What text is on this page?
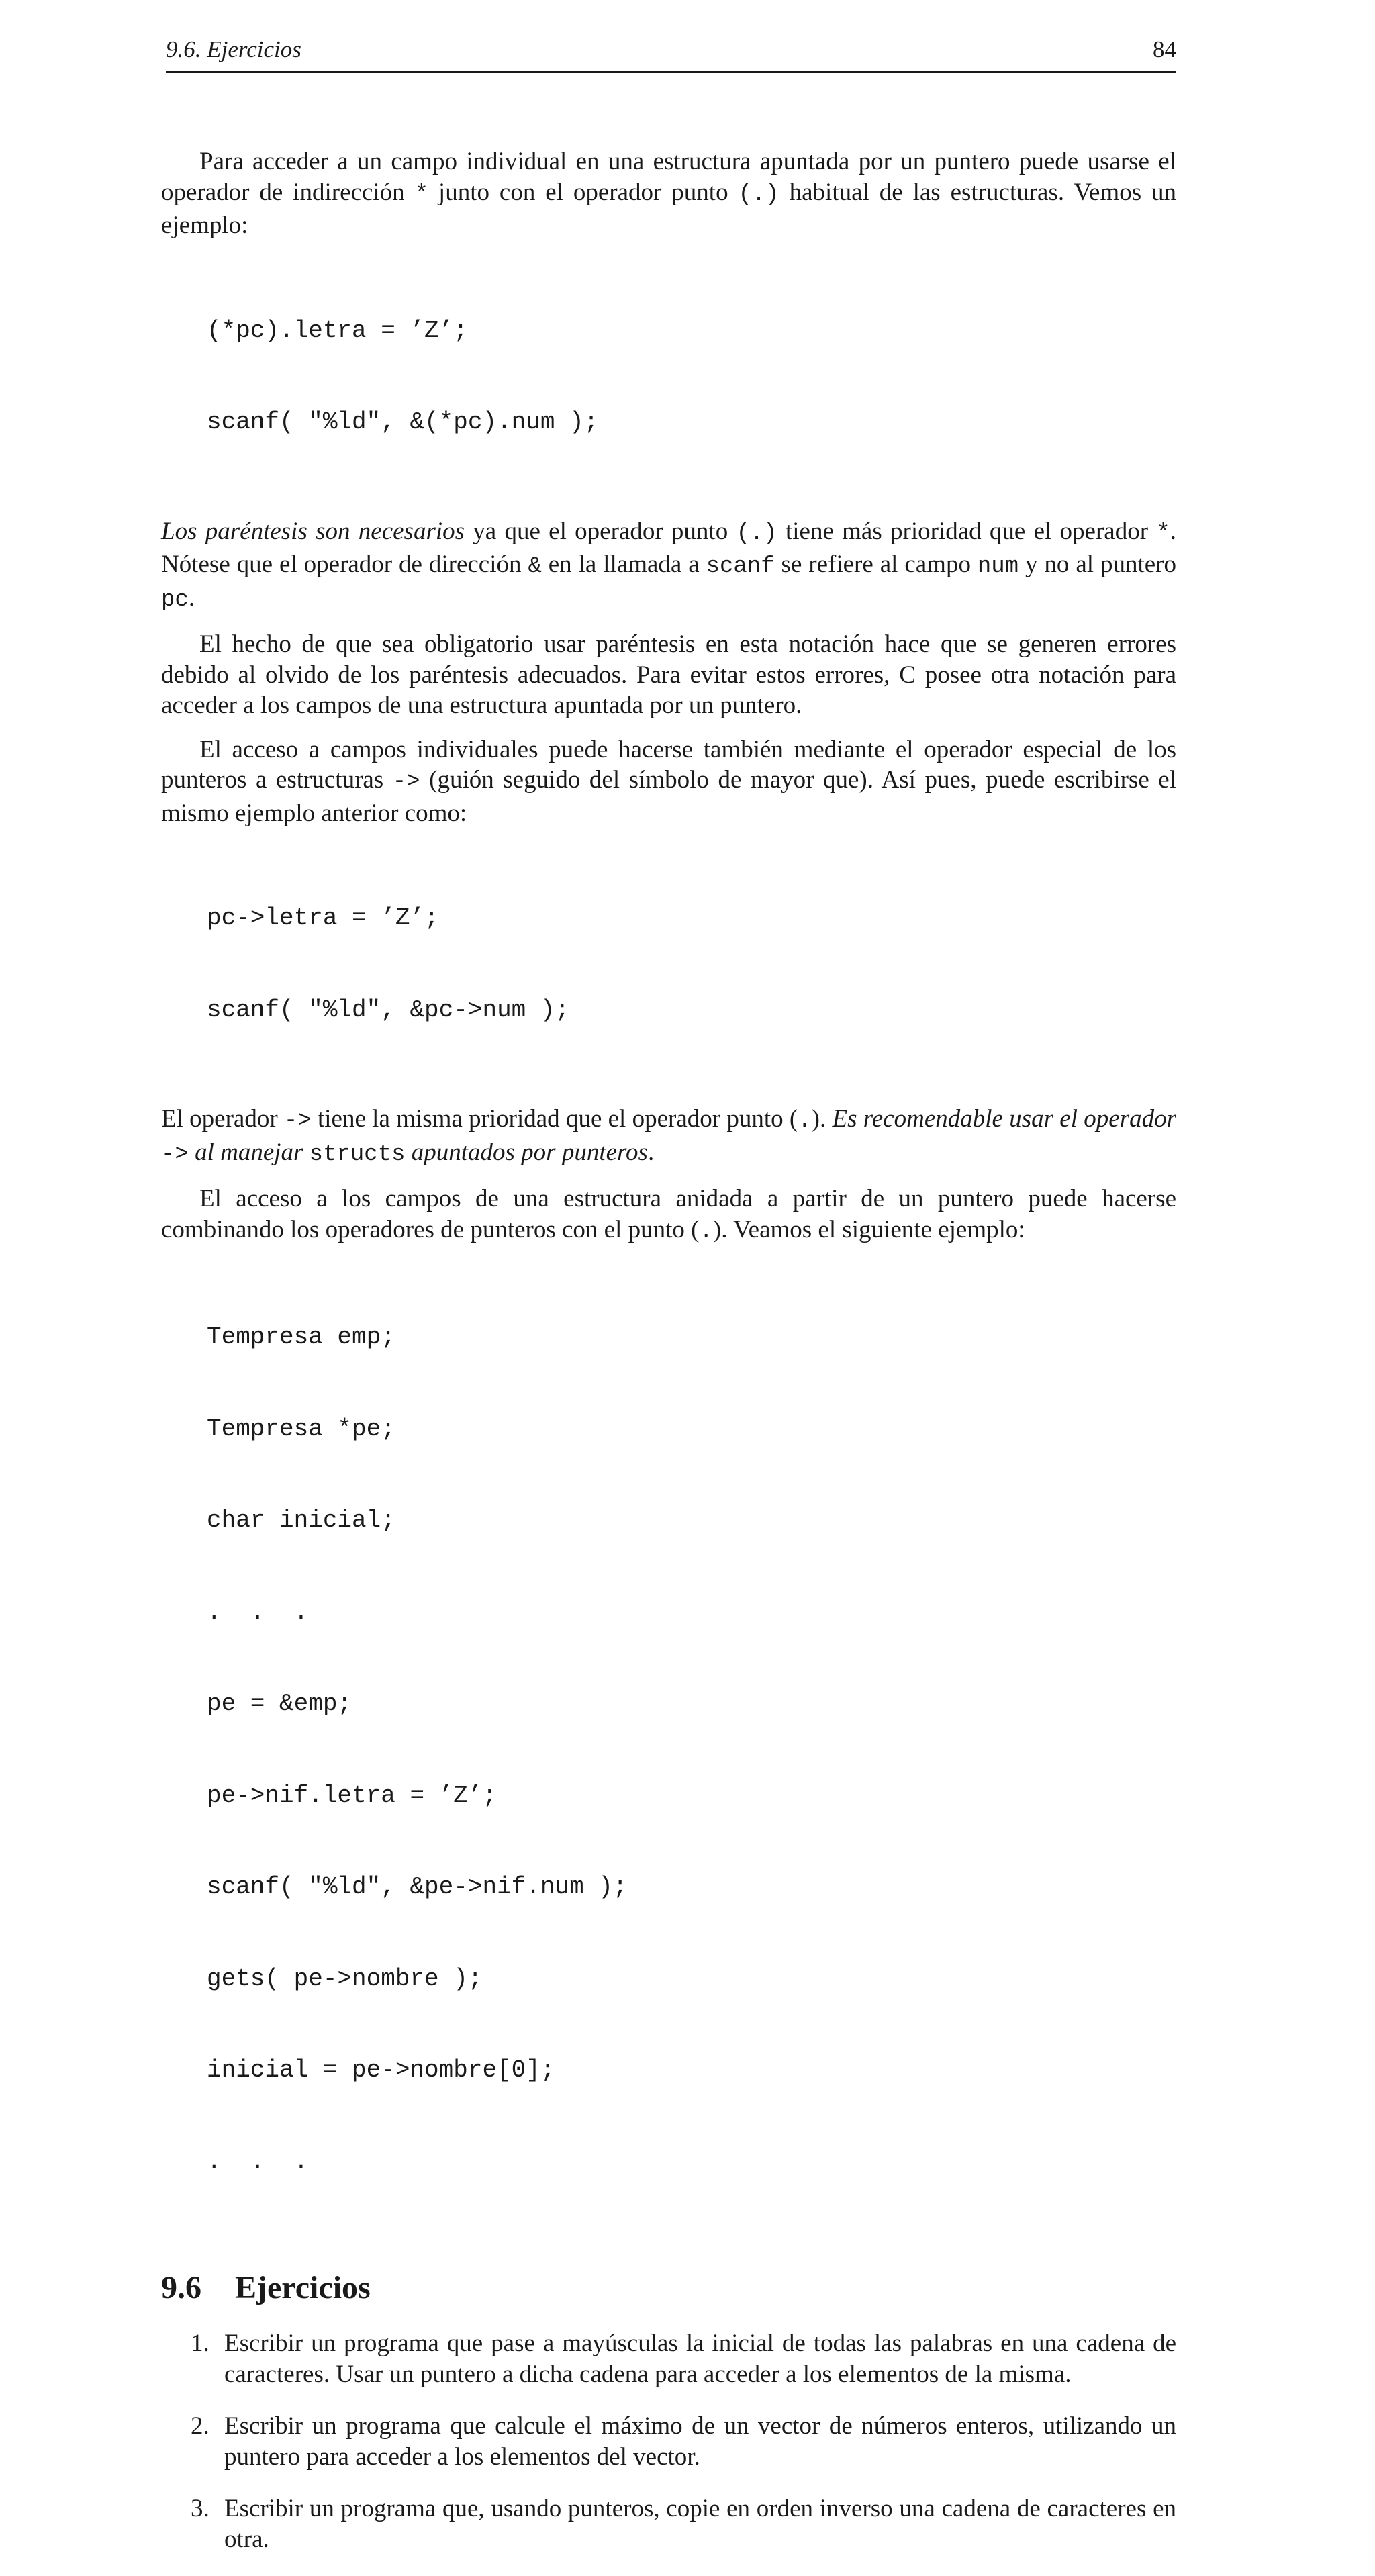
9.6. Ejercicios	84

Para acceder a un campo individual en una estructura apuntada por un puntero puede usarse el operador de indirección * junto con el operador punto (.) habitual de las estructuras. Vemos un ejemplo:

(*pc).letra = ’Z’;

scanf( "%ld", &(*pc).num );

Los paréntesis son necesarios ya que el operador punto (.) tiene más prioridad que el operador *. Nótese que el operador de dirección & en la llamada a scanf se refiere al campo num y no al puntero pc.

El hecho de que sea obligatorio usar paréntesis en esta notación hace que se generen errores debido al olvido de los paréntesis adecuados. Para evitar estos errores, C posee otra notación para acceder a los campos de una estructura apuntada por un puntero.

El acceso a campos individuales puede hacerse también mediante el operador especial de los punteros a estructuras -> (guión seguido del símbolo de mayor que). Así pues, puede escribirse el mismo ejemplo anterior como:

pc->letra = ’Z’;

scanf( "%ld", &pc->num );

El operador -> tiene la misma prioridad que el operador punto (.). Es recomendable usar el operador -> al manejar structs apuntados por punteros.

El acceso a los campos de una estructura anidada a partir de un puntero puede hacerse combinando los operadores de punteros con el punto (.). Veamos el siguiente ejemplo:

Tempresa emp;

Tempresa *pe;

char inicial;

.  .  .

pe = &emp;

pe->nif.letra = ’Z’;

scanf( "%ld", &pe->nif.num );

gets( pe->nombre );

inicial = pe->nombre[0];

.  .  .

9.6 Ejercicios
1. Escribir un programa que pase a mayúsculas la inicial de todas las palabras en una cadena de caracteres. Usar un puntero a dicha cadena para acceder a los elementos de la misma.
2. Escribir un programa que calcule el máximo de un vector de números enteros, utilizando un puntero para acceder a los elementos del vector.
3. Escribir un programa que, usando punteros, copie en orden inverso una cadena de caracteres en otra.
